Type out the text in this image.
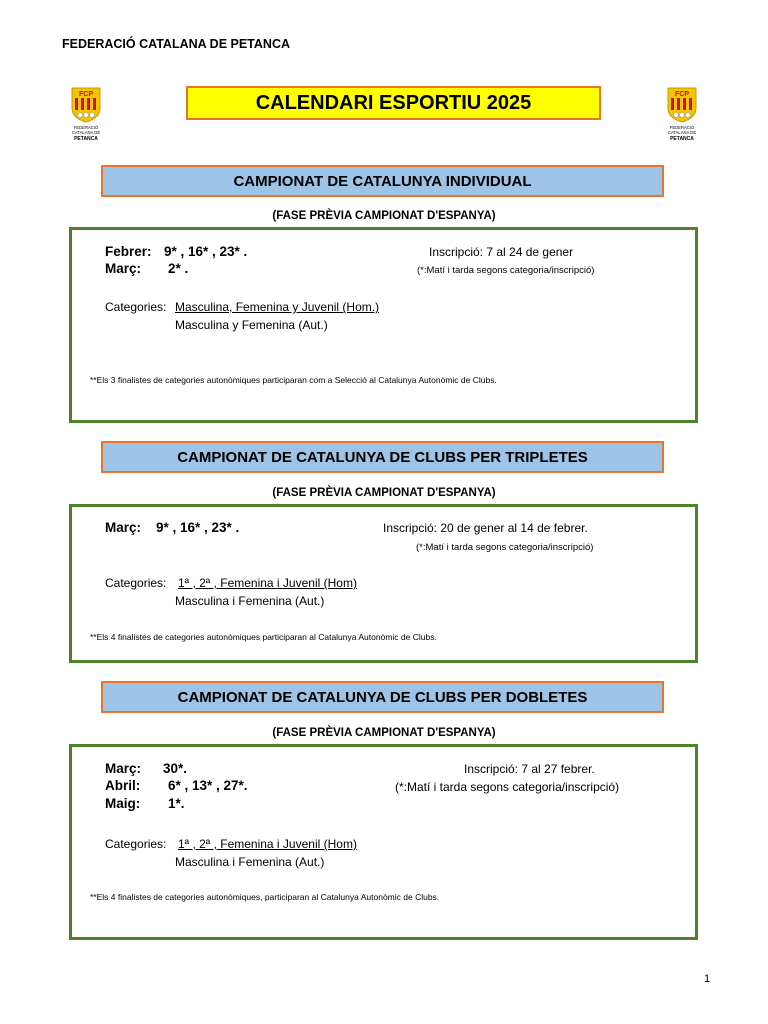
FEDERACIÓ CATALANA DE PETANCA
FCP
FEDERACIÓ
CATALANA DE
PETANCA
CALENDARI ESPORTIU 2025	FCP
FEDERACIÓ
CATALANA DE
PETANCA
CAMPIONAT DE CATALUNYA INDIVIDUAL
(FASE PRÈVIA CAMPIONAT D'ESPANYA)
Febrer: 9* , 16* , 23* .
Març: 2* .
Inscripció: 7 al 24 de gener
(*:Matí i tarda segons categoria/inscripció)
Categories: Masculina, Femenina y Juvenil (Hom.)
Masculina y Femenina (Aut.)
**Els 3 finalistes de categories autonòmiques participaran com a Selecció al Catalunya Autonòmic de Clubs.
CAMPIONAT DE CATALUNYA DE CLUBS PER TRIPLETES
(FASE PRÈVIA CAMPIONAT D'ESPANYA)
Març: 9* , 16* , 23* .	Inscripció: 20 de gener al 14 de febrer.
(*:Matí i tarda segons categoria/inscripció)
Categories: 1ª , 2ª , Femenina i Juvenil (Hom)
Masculina i Femenina (Aut.)
**Els 4 finalistes de categories autonòmiques participaran al Catalunya Autonòmic de Clubs.
CAMPIONAT DE CATALUNYA DE CLUBS PER DOBLETES
(FASE PRÈVIA CAMPIONAT D'ESPANYA)
Març: 30*.
Abril: 6* , 13* , 27*.
Maig: 1*.
Inscripció: 7 al 27 febrer.
(*:Matí i tarda segons categoria/inscripció)
Categories: 1ª , 2ª , Femenina i Juvenil (Hom)
Masculina i Femenina (Aut.)
**Els 4 finalistes de categories autonòmiques, participaran al Catalunya Autonòmic de Clubs.
1
